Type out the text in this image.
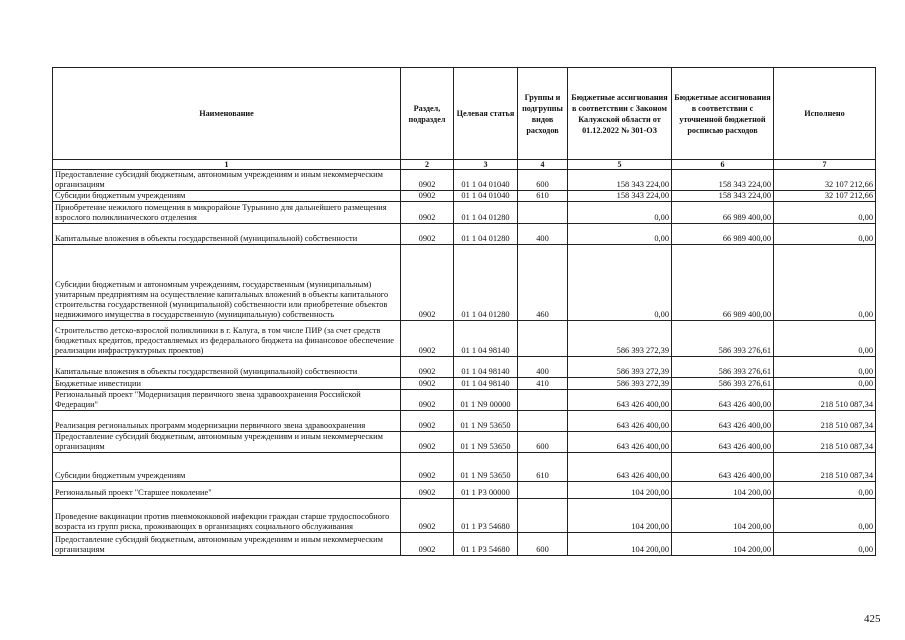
Наименование	Раздел, подраздел	Целевая статья	Группы и подгруппы видов расходов	Бюджетные ассигнования в соответствии с Законом Калужской области от 01.12.2022 № 301-ОЗ	Бюджетные ассигнования в соответствии с уточненной бюджетной росписью расходов	Исполнено
1	2	3	4	5	6	7
Предоставление субсидий бюджетным, автономным учреждениям и иным некоммерческим организациям	0902	01 1 04 01040	600	158 343 224,00	158 343 224,00	32 107 212,66
Субсидии бюджетным учреждениям	0902	01 1 04 01040	610	158 343 224,00	158 343 224,00	32 107 212,66
Приобретение нежилого помещения в микрорайоне Турынино для дальнейшего размещения взрослого поликлинического отделения	0902	01 1 04 01280		0,00	66 989 400,00	0,00
Капитальные вложения в объекты государственной (муниципальной) собственности	0902	01 1 04 01280	400	0,00	66 989 400,00	0,00
Субсидии бюджетным и автономным учреждениям, государственным (муниципальным) унитарным предприятиям на осуществление капитальных вложений в объекты капитального строительства государственной (муниципальной) собственности или приобретение объектов недвижимого имущества в государственную (муниципальную) собственность	0902	01 1 04 01280	460	0,00	66 989 400,00	0,00
Строительство детско-взрослой поликлиники в г. Калуга, в том числе ПИР (за счет средств бюджетных кредитов, предоставляемых из федерального бюджета на финансовое обеспечение реализации инфраструктурных проектов)	0902	01 1 04 98140		586 393 272,39	586 393 276,61	0,00
Капитальные вложения в объекты государственной (муниципальной) собственности	0902	01 1 04 98140	400	586 393 272,39	586 393 276,61	0,00
Бюджетные инвестиции	0902	01 1 04 98140	410	586 393 272,39	586 393 276,61	0,00
Региональный проект "Модернизация первичного звена здравоохранения Российской Федерации"	0902	01 1 N9 00000		643 426 400,00	643 426 400,00	218 510 087,34
Реализация региональных программ модернизации первичного звена здравоохранения	0902	01 1 N9 53650		643 426 400,00	643 426 400,00	218 510 087,34
Предоставление субсидий бюджетным, автономным учреждениям и иным некоммерческим организациям	0902	01 1 N9 53650	600	643 426 400,00	643 426 400,00	218 510 087,34
Субсидии бюджетным учреждениям	0902	01 1 N9 53650	610	643 426 400,00	643 426 400,00	218 510 087,34
Региональный проект "Старшее поколение"	0902	01 1 P3 00000		104 200,00	104 200,00	0,00
Проведение вакцинации против пневмококковой инфекции граждан старше трудоспособного возраста из групп риска, проживающих в организациях социального обслуживания	0902	01 1 P3 54680		104 200,00	104 200,00	0,00
Предоставление субсидий бюджетным, автономным учреждениям и иным некоммерческим организациям	0902	01 1 P3 54680	600	104 200,00	104 200,00	0,00
425
